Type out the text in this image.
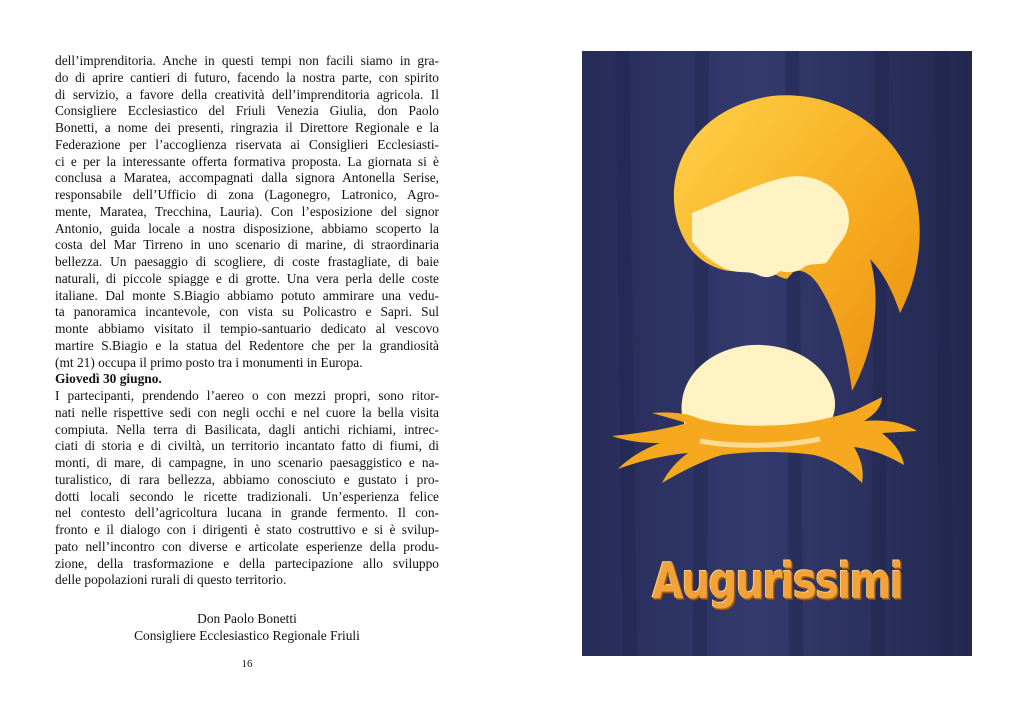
dell’imprenditoria. Anche in questi tempi non facili siamo in gra-
do di aprire cantieri di futuro, facendo la nostra parte, con spirito
di servizio, a favore della creatività dell’imprenditoria agricola. Il
Consigliere Ecclesiastico del Friuli Venezia Giulia, don Paolo
Bonetti, a nome dei presenti, ringrazia il Direttore Regionale e la
Federazione per l’accoglienza riservata ai Consiglieri Ecclesiasti-
ci e per la interessante offerta formativa proposta. La giornata si è
conclusa a Maratea, accompagnati dalla signora Antonella Serise,
responsabile dell’Ufficio di zona (Lagonegro, Latronico, Agro-
mente, Maratea, Trecchina, Lauria). Con l’esposizione del signor
Antonio, guida locale a nostra disposizione, abbiamo scoperto la
costa del Mar Tirreno in uno scenario di marine, di straordinaria
bellezza. Un paesaggio di scogliere, di coste frastagliate, di baie
naturali, di piccole spiagge e di grotte. Una vera perla delle coste
italiane. Dal monte S.Biagio abbiamo potuto ammirare una vedu-
ta panoramica incantevole, con vista su Policastro e Sapri. Sul
monte abbiamo visitato il tempio-santuario dedicato al vescovo
martire S.Biagio e la statua del Redentore che per la grandiosità
(mt 21) occupa il primo posto tra i monumenti in Europa.
Giovedì 30 giugno.
I partecipanti, prendendo l’aereo o con mezzi propri, sono ritor-
nati nelle rispettive sedi con negli occhi e nel cuore la bella visita
compiuta. Nella terra di Basilicata, dagli antichi richiami, intrec-
ciati di storia e di civiltà, un territorio incantato fatto di fiumi, di
monti, di mare, di campagne, in uno scenario paesaggistico e na-
turalistico, di rara bellezza, abbiamo conosciuto e gustato i pro-
dotti locali secondo le ricette tradizionali. Un’esperienza felice
nel contesto dell’agricoltura lucana in grande fermento. Il con-
fronto e il dialogo con i dirigenti è stato costruttivo e si è svilup-
pato nell’incontro con diverse e articolate esperienze della produ-
zione, della trasformazione e della partecipazione allo sviluppo
delle popolazioni rurali di questo territorio.
Don Paolo Bonetti
Consigliere Ecclesiastico Regionale Friuli
16
Augurissimi
